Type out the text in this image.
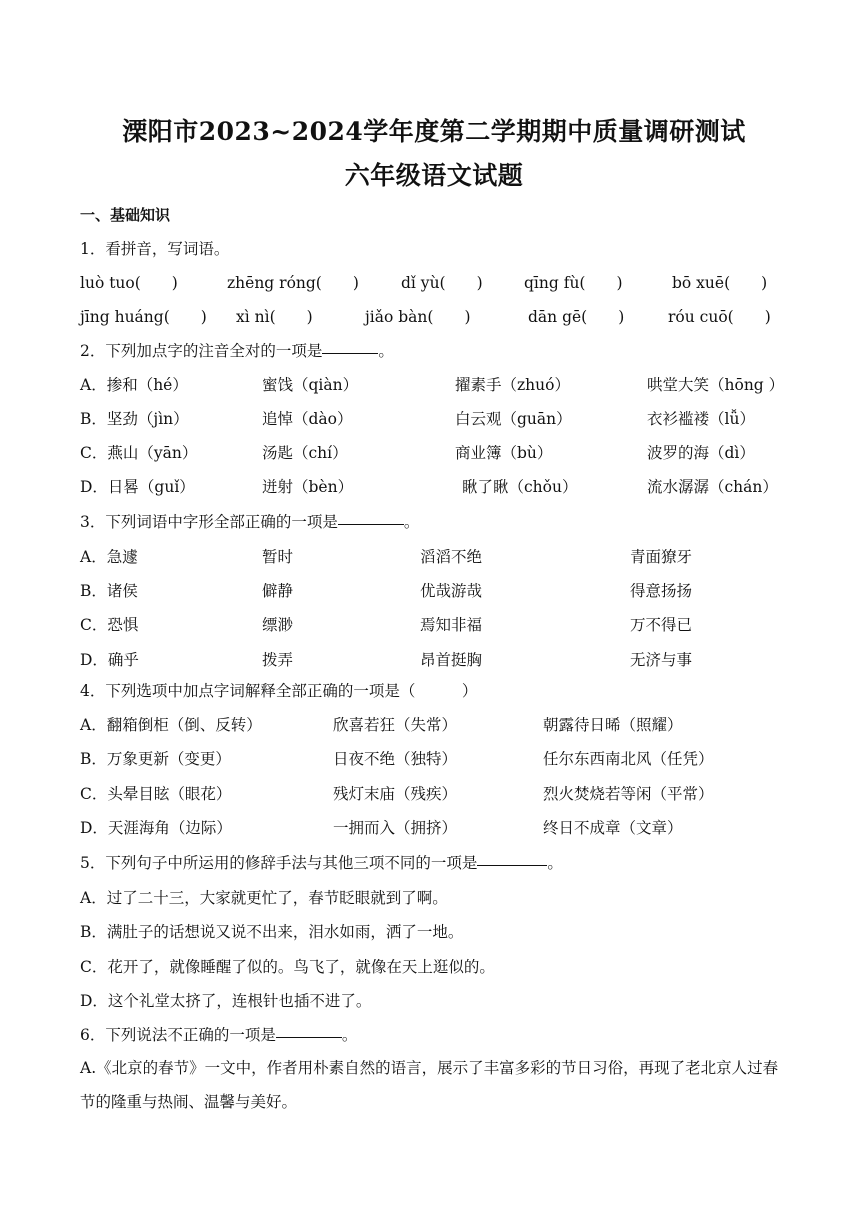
溧阳市2023~2024学年度第二学期期中质量调研测试
六年级语文试题
一、基础知识
1．看拼音，写词语。
luò tuo(　　)	zhēng róng(　　)	dǐ yù(　　)	qīng fù(　　)	bō xuē(　　)
jīng huáng(　　) xì nì(　　)	jiǎo bàn(　　)	dān gē(　　)	róu cuō(　　)
2．下列加点字的注音全对的一项是	。
A．掺和（hé）	蜜饯（qiàn）	擢素手（zhuó）	哄堂大笑（hōng ）
B．坚劲（jìn）	追悼（dào）	白云观（guān）	衣衫褴褛（lǚ）
C．燕山（yān）	汤匙（chí）	商业簿（bù）	波罗的海（dì）
D．日晷（guǐ）	迸射（bèn）	瞅了瞅（chǒu）	流水潺潺（chán）
3．下列词语中字形全部正确的一项是	。
A．急遽	暂时	滔滔不绝	青面獠牙
B．诸侯	僻静	优哉游哉	得意扬扬
C．恐惧	缥渺	焉知非福	万不得已
D．确乎	拨弄	昂首挺胸	无济与事
4．下列选项中加点字词解释全部正确的一项是（　　　）
A．翻箱倒柜（倒、反转）	欣喜若狂（失常）	朝露待日晞（照耀）
B．万象更新（变更）	日夜不绝（独特）	任尔东西南北风（任凭）
C．头晕目眩（眼花）	残灯末庙（残疾）	烈火焚烧若等闲（平常）
D．天涯海角（边际）	一拥而入（拥挤）	终日不成章（文章）
5．下列句子中所运用的修辞手法与其他三项不同的一项是	。
A．过了二十三，大家就更忙了，春节眨眼就到了啊。
B．满肚子的话想说又说不出来，泪水如雨，洒了一地。
C．花开了，就像睡醒了似的。鸟飞了，就像在天上逛似的。
D．这个礼堂太挤了，连根针也插不进了。
6．下列说法不正确的一项是	。
A.《北京的春节》一文中，作者用朴素自然的语言，展示了丰富多彩的节日习俗，再现了老北京人过春节的隆重与热闹、温馨与美好。
